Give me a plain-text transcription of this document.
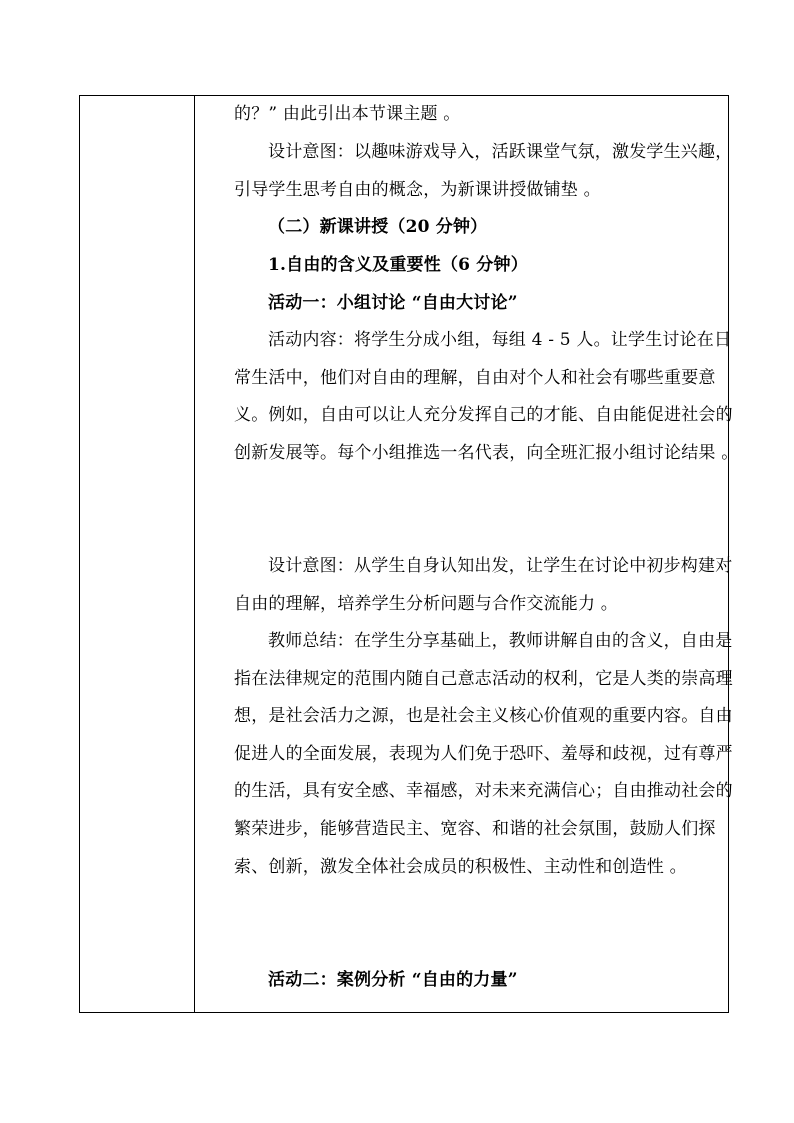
的？” 由此引出本节课主题 。

设计意图：以趣味游戏导入，活跃课堂气氛，激发学生兴趣，引导学生思考自由的概念，为新课讲授做铺垫 。

（二）新课讲授（20 分钟）

1.自由的含义及重要性（6 分钟）

活动一：小组讨论 “自由大讨论”

活动内容：将学生分成小组，每组 4 - 5 人。让学生讨论在日常生活中，他们对自由的理解，自由对个人和社会有哪些重要意义。例如，自由可以让人充分发挥自己的才能、自由能促进社会的创新发展等。每个小组推选一名代表，向全班汇报小组讨论结果 。

设计意图：从学生自身认知出发，让学生在讨论中初步构建对自由的理解，培养学生分析问题与合作交流能力 。

教师总结：在学生分享基础上，教师讲解自由的含义，自由是指在法律规定的范围内随自己意志活动的权利，它是人类的崇高理想，是社会活力之源，也是社会主义核心价值观的重要内容。自由促进人的全面发展，表现为人们免于恐吓、羞辱和歧视，过有尊严的生活，具有安全感、幸福感，对未来充满信心；自由推动社会的繁荣进步，能够营造民主、宽容、和谐的社会氛围，鼓励人们探索、创新，激发全体社会成员的积极性、主动性和创造性 。

活动二：案例分析 “自由的力量”
